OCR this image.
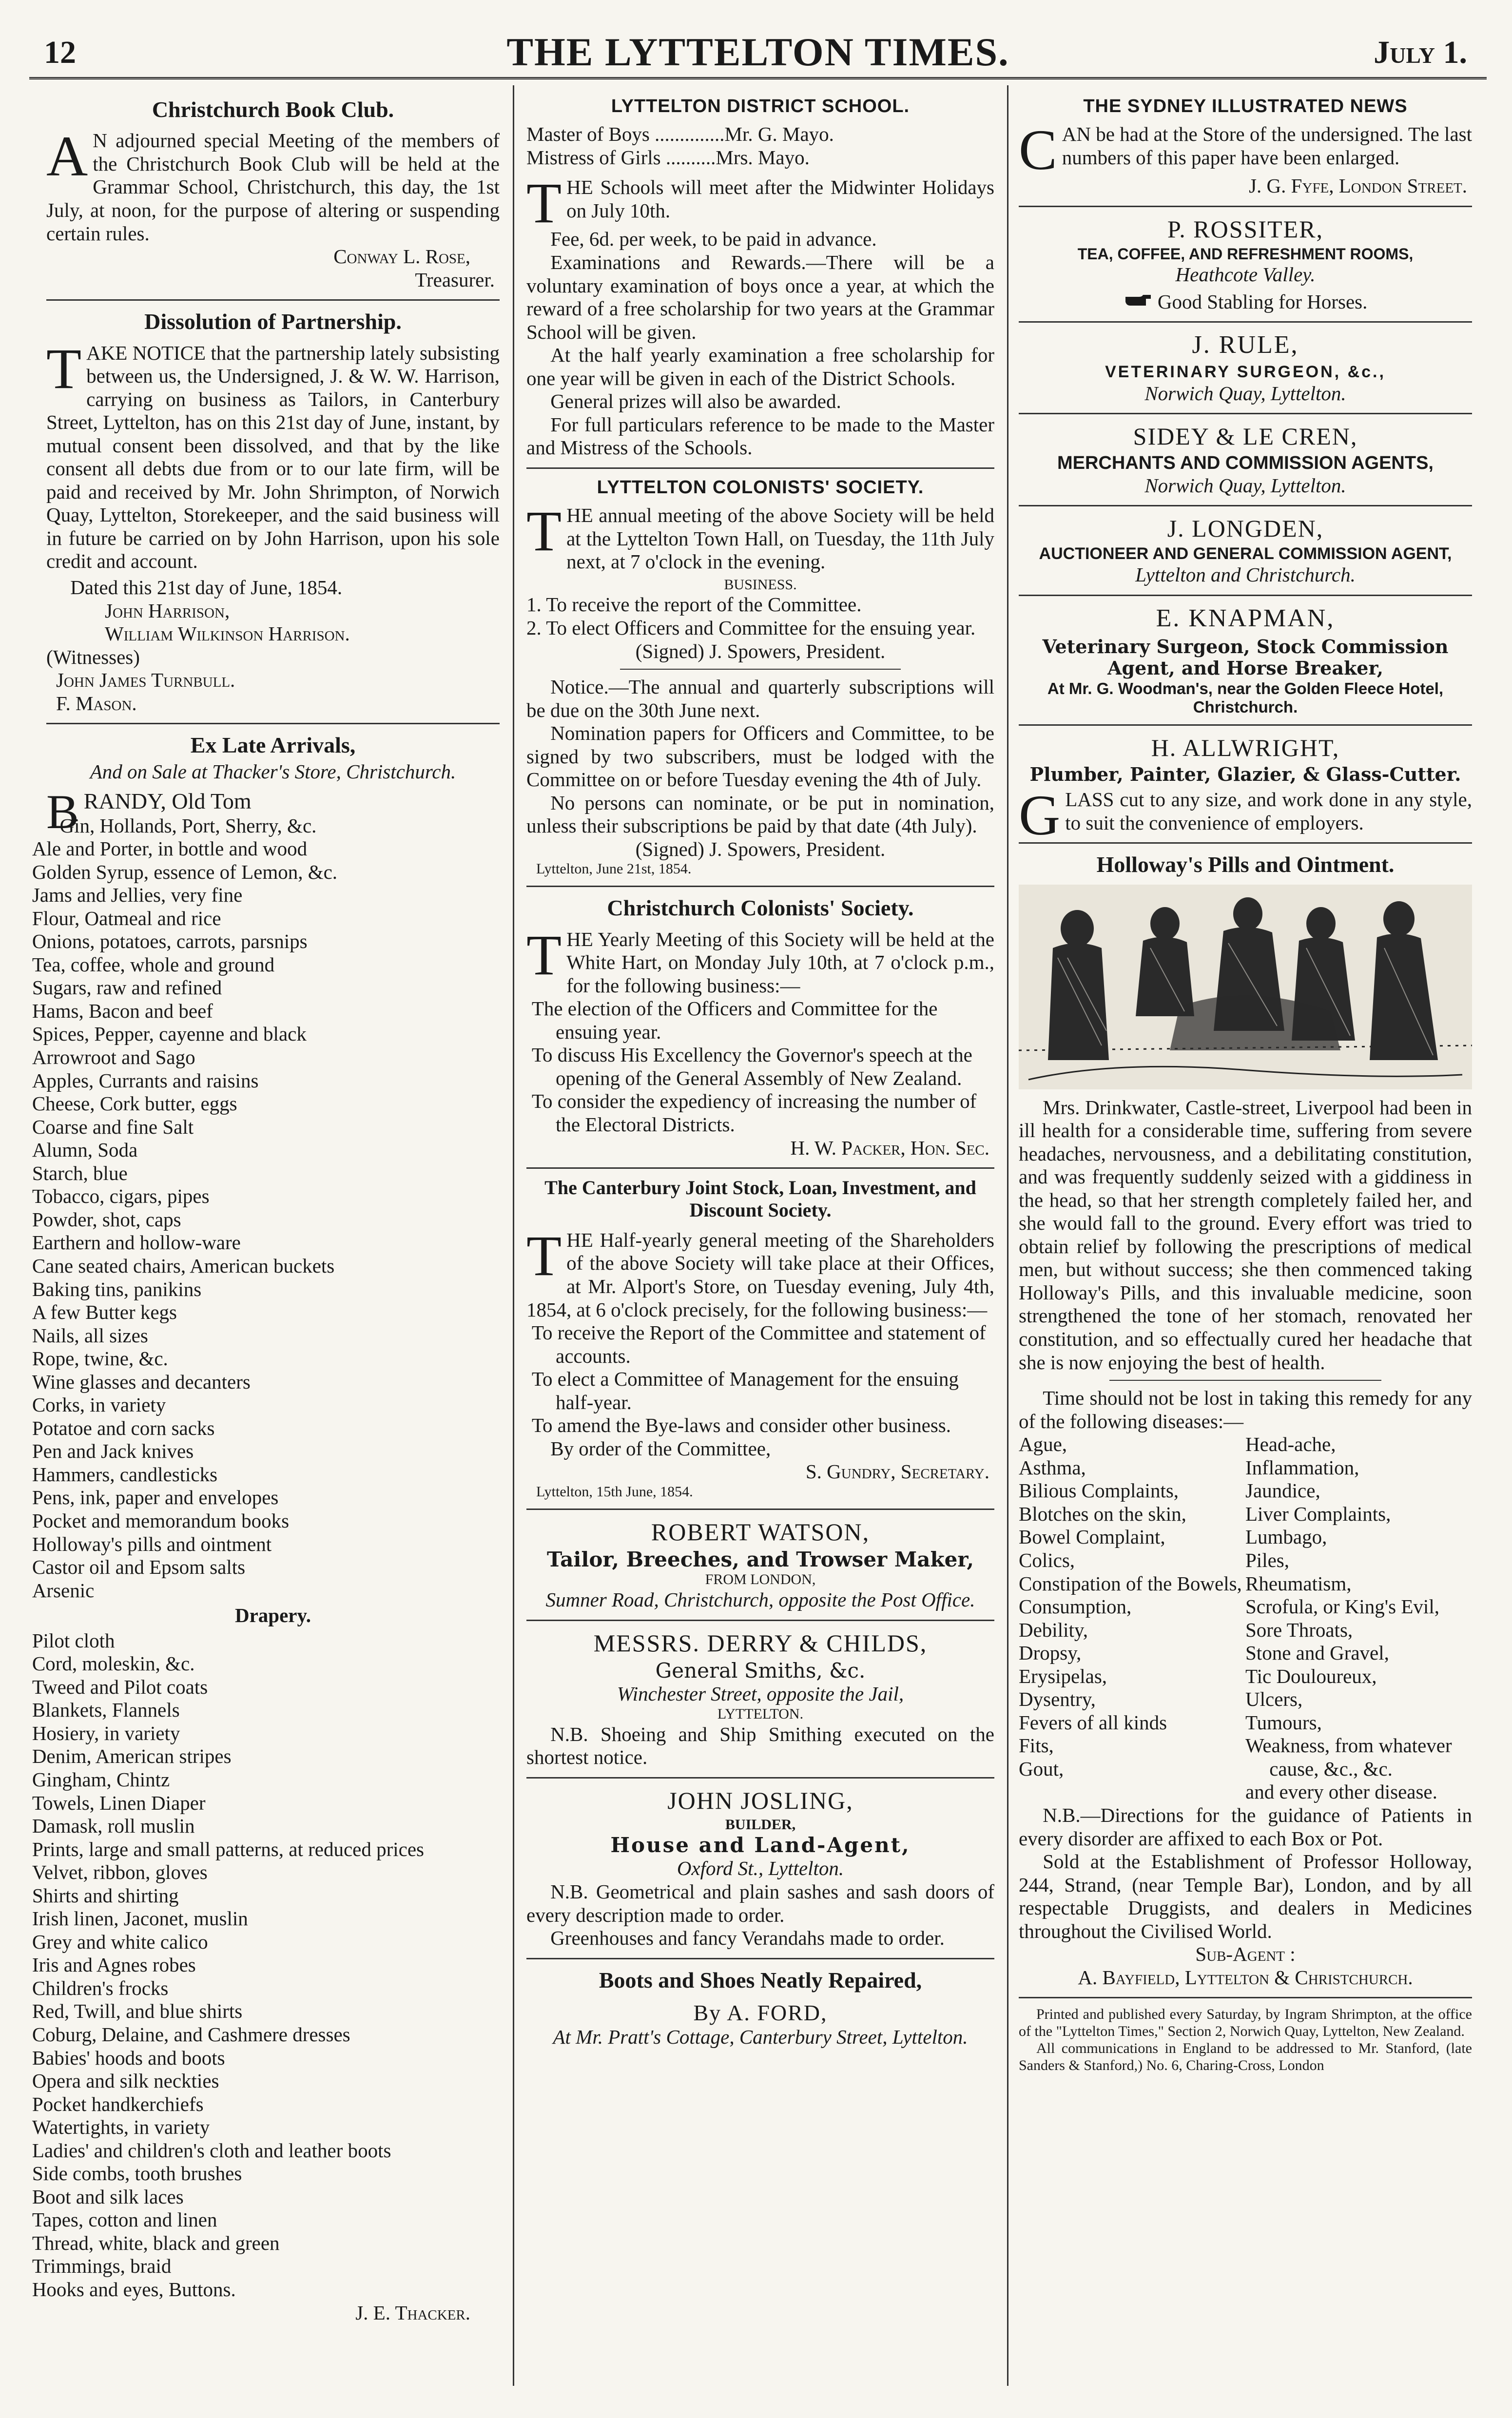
12	THE LYTTELTON TIMES.	July 1.
Christchurch Book Club.

A N adjourned special Meeting of the members of the Christchurch Book Club will be held at the Grammar School, Christchurch, this day, the 1st July, at noon, for the purpose of altering or suspending certain rules.

Conway L. Rose,

Treasurer.

Dissolution of Partnership.

TAKE NOTICE that the partnership lately subsisting between us, the Undersigned, J. & W. W. Harrison, carrying on business as Tailors, in Canterbury Street, Lyttelton, has on this 21st day of June, instant, by mutual consent been dissolved, and that by the like consent all debts due from or to our late firm, will be paid and received by Mr. John Shrimpton, of Norwich Quay, Lyttelton, Storekeeper, and the said business will in future be carried on by John Harrison, upon his sole credit and account.

Dated this 21st day of June, 1854.

John Harrison,

William Wilkinson Harrison.

(Witnesses)

John James Turnbull.

F. Mason.

Ex Late Arrivals,

And on Sale at Thacker's Store, Christchurch.

BRANDY, Old Tom

Gin, Hollands, Port, Sherry, &c.

Ale and Porter, in bottle and wood

Golden Syrup, essence of Lemon, &c.

Jams and Jellies, very fine

Flour, Oatmeal and rice

Onions, potatoes, carrots, parsnips

Tea, coffee, whole and ground

Sugars, raw and refined

Hams, Bacon and beef

Spices, Pepper, cayenne and black

Arrowroot and Sago

Apples, Currants and raisins

Cheese, Cork butter, eggs

Coarse and fine Salt

Alumn, Soda

Starch, blue

Tobacco, cigars, pipes

Powder, shot, caps

Earthern and hollow-ware

Cane seated chairs, American buckets

Baking tins, panikins

A few Butter kegs

Nails, all sizes

Rope, twine, &c.

Wine glasses and decanters

Corks, in variety

Potatoe and corn sacks

Pen and Jack knives

Hammers, candlesticks

Pens, ink, paper and envelopes

Pocket and memorandum books

Holloway's pills and ointment

Castor oil and Epsom salts

Arsenic

Drapery.

Pilot cloth

Cord, moleskin, &c.

Tweed and Pilot coats

Blankets, Flannels

Hosiery, in variety

Denim, American stripes

Gingham, Chintz

Towels, Linen Diaper

Damask, roll muslin

Prints, large and small patterns, at reduced prices

Velvet, ribbon, gloves

Shirts and shirting

Irish linen, Jaconet, muslin

Grey and white calico

Iris and Agnes robes

Children's frocks

Red, Twill, and blue shirts

Coburg, Delaine, and Cashmere dresses

Babies' hoods and boots

Opera and silk neckties

Pocket handkerchiefs

Watertights, in variety

Ladies' and children's cloth and leather boots

Side combs, tooth brushes

Boot and silk laces

Tapes, cotton and linen

Thread, white, black and green

Trimmings, braid

Hooks and eyes, Buttons.

J. E. Thacker.

LYTTELTON DISTRICT SCHOOL.

Master of Boys ..............Mr. G. Mayo.

Mistress of Girls ..........Mrs. Mayo.

THE Schools will meet after the Midwinter Holidays on July 10th.

Fee, 6d. per week, to be paid in advance.

Examinations and Rewards.—There will be a voluntary examination of boys once a year, at which the reward of a free scholarship for two years at the Grammar School will be given.

At the half yearly examination a free scholarship for one year will be given in each of the District Schools.

General prizes will also be awarded.

For full particulars reference to be made to the Master and Mistress of the Schools.

LYTTELTON COLONISTS' SOCIETY.

THE annual meeting of the above Society will be held at the Lyttelton Town Hall, on Tuesday, the 11th July next, at 7 o'clock in the evening.

BUSINESS.

1. To receive the report of the Committee.

2. To elect Officers and Committee for the ensuing year.

(Signed) J. Spowers, President.

Notice.—The annual and quarterly subscriptions will be due on the 30th June next.

Nomination papers for Officers and Committee, to be signed by two subscribers, must be lodged with the Committee on or before Tuesday evening the 4th of July.

No persons can nominate, or be put in nomination, unless their subscriptions be paid by that date (4th July).

(Signed) J. Spowers, President.

Lyttelton, June 21st, 1854.

Christchurch Colonists' Society.

THE Yearly Meeting of this Society will be held at the White Hart, on Monday July 10th, at 7 o'clock p.m., for the following business:—

The election of the Officers and Committee for the ensuing year.

To discuss His Excellency the Governor's speech at the opening of the General Assembly of New Zealand.

To consider the expediency of increasing the number of the Electoral Districts.

H. W. Packer, Hon. Sec.

The Canterbury Joint Stock, Loan, Investment, and Discount Society.

THE Half-yearly general meeting of the Shareholders of the above Society will take place at their Offices, at Mr. Alport's Store, on Tuesday evening, July 4th, 1854, at 6 o'clock precisely, for the following business:—

To receive the Report of the Committee and statement of accounts.

To elect a Committee of Management for the ensuing half-year.

To amend the Bye-laws and consider other business.

By order of the Committee,

S. Gundry, Secretary.

Lyttelton, 15th June, 1854.

ROBERT WATSON,

Tailor, Breeches, and Trowser Maker,

FROM LONDON,

Sumner Road, Christchurch, opposite the Post Office.

MESSRS. DERRY & CHILDS,

General Smiths, &c.

Winchester Street, opposite the Jail,

LYTTELTON.

N.B. Shoeing and Ship Smithing executed on the shortest notice.

JOHN JOSLING,

BUILDER,

House and Land-Agent,

Oxford St., Lyttelton.

N.B. Geometrical and plain sashes and sash doors of every description made to order.

Greenhouses and fancy Verandahs made to order.

Boots and Shoes Neatly Repaired,

By A. FORD,

At Mr. Pratt's Cottage, Canterbury Street, Lyttelton.

THE SYDNEY ILLUSTRATED NEWS

CAN be had at the Store of the undersigned. The last numbers of this paper have been enlarged.

J. G. Fyfe, London Street.

P. ROSSITER,

TEA, COFFEE, AND REFRESHMENT ROOMS,

Heathcote Valley.

Good Stabling for Horses.

J. RULE,

VETERINARY SURGEON, &c.,

Norwich Quay, Lyttelton.

SIDEY & LE CREN,

MERCHANTS AND COMMISSION AGENTS,

Norwich Quay, Lyttelton.

J. LONGDEN,

AUCTIONEER AND GENERAL COMMISSION AGENT,

Lyttelton and Christchurch.

E. KNAPMAN,

Veterinary Surgeon, Stock Commission Agent, and Horse Breaker,

At Mr. G. Woodman's, near the Golden Fleece Hotel, Christchurch.

H. ALLWRIGHT,

Plumber, Painter, Glazier, & Glass-Cutter.

GLASS cut to any size, and work done in any style, to suit the convenience of employers.

Holloway's Pills and Ointment.

Mrs. Drinkwater, Castle-street, Liverpool had been in ill health for a considerable time, suffering from severe headaches, nervousness, and a debilitating constitution, and was frequently suddenly seized with a giddiness in the head, so that her strength completely failed her, and she would fall to the ground. Every effort was tried to obtain relief by following the prescriptions of medical men, but without success; she then commenced taking Holloway's Pills, and this invaluable medicine, soon strengthened the tone of her stomach, renovated her constitution, and so effectually cured her headache that she is now enjoying the best of health.

Time should not be lost in taking this remedy for any of the following diseases:—

Ague,

Asthma,

Bilious Complaints,

Blotches on the skin,

Bowel Complaint,

Colics,

Constipation of the Bowels,

Consumption,

Debility,

Dropsy,

Erysipelas,

Dysentry,

Fevers of all kinds

Fits,

Gout,

Head-ache,

Inflammation,

Jaundice,

Liver Complaints,

Lumbago,

Piles,

Rheumatism,

Scrofula, or King's Evil,

Sore Throats,

Stone and Gravel,

Tic Douloureux,

Ulcers,

Tumours,

Weakness, from whatever cause, &c., &c.

and every other disease.

N.B.—Directions for the guidance of Patients in every disorder are affixed to each Box or Pot.

Sold at the Establishment of Professor Holloway, 244, Strand, (near Temple Bar), London, and by all respectable Druggists, and dealers in Medicines throughout the Civilised World.

Sub-Agent :

A. Bayfield, Lyttelton & Christchurch.

Printed and published every Saturday, by Ingram Shrimpton, at the office of the "Lyttelton Times," Section 2, Norwich Quay, Lyttelton, New Zealand.

All communications in England to be addressed to Mr. Stanford, (late Sanders & Stanford,) No. 6, Charing-Cross, London
